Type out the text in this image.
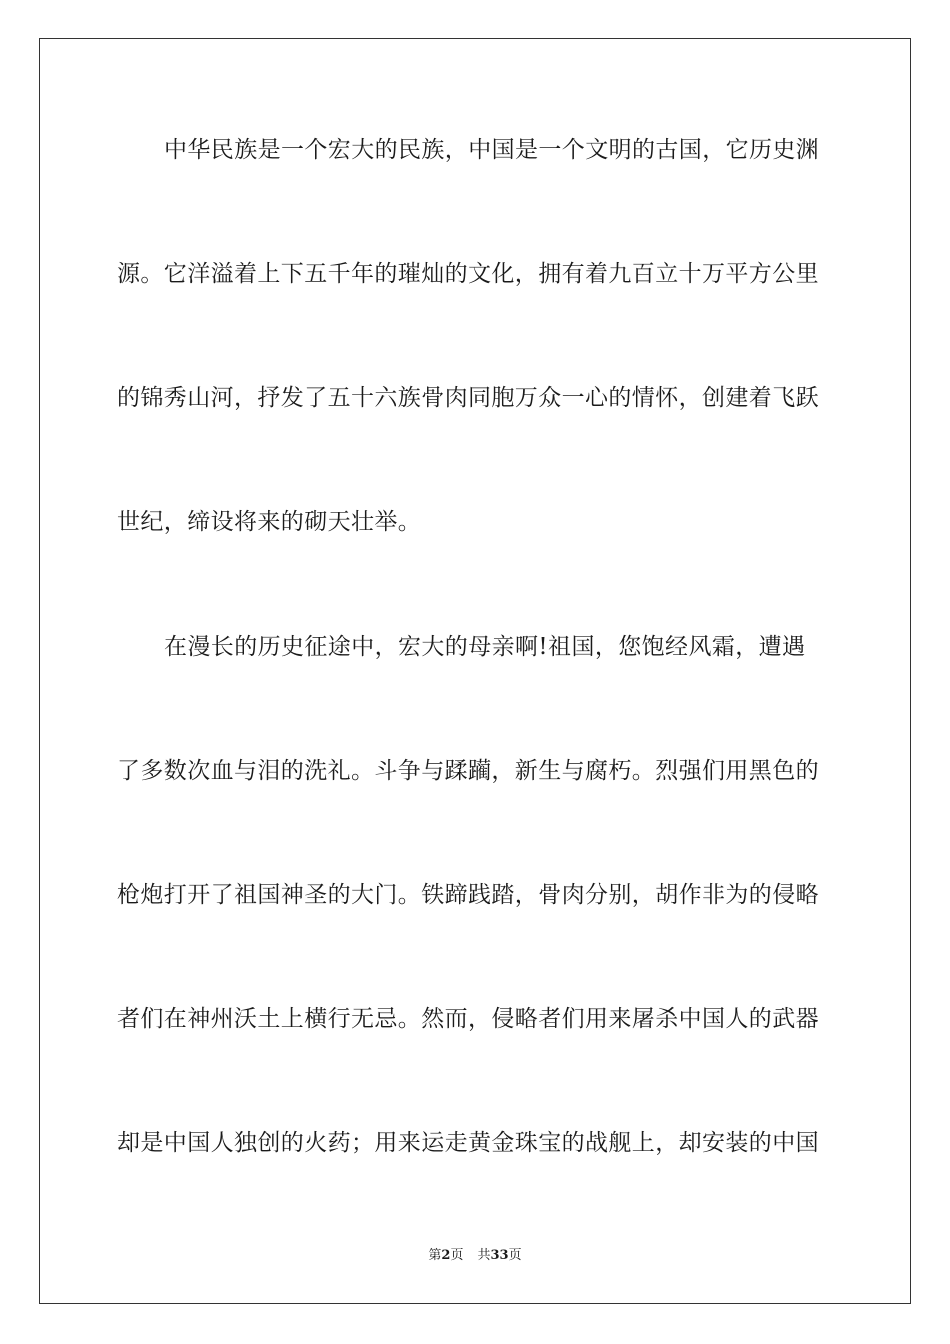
中华民族是一个宏大的民族，中国是一个文明的古国，它历史渊
源。它洋溢着上下五千年的璀灿的文化，拥有着九百立十万平方公里
的锦秀山河，抒发了五十六族骨肉同胞万众一心的情怀，创建着飞跃
世纪，缔设将来的砌天壮举。
在漫长的历史征途中，宏大的母亲啊!祖国，您饱经风霜，遭遇
了多数次血与泪的洗礼。斗争与蹂躏，新生与腐朽。烈强们用黑色的
枪炮打开了祖国神圣的大门。铁蹄践踏，骨肉分别，胡作非为的侵略
者们在神州沃土上横行无忌。然而，侵略者们用来屠杀中国人的武器
却是中国人独创的火药；用来运走黄金珠宝的战舰上，却安装的中国
第2页 共33页
